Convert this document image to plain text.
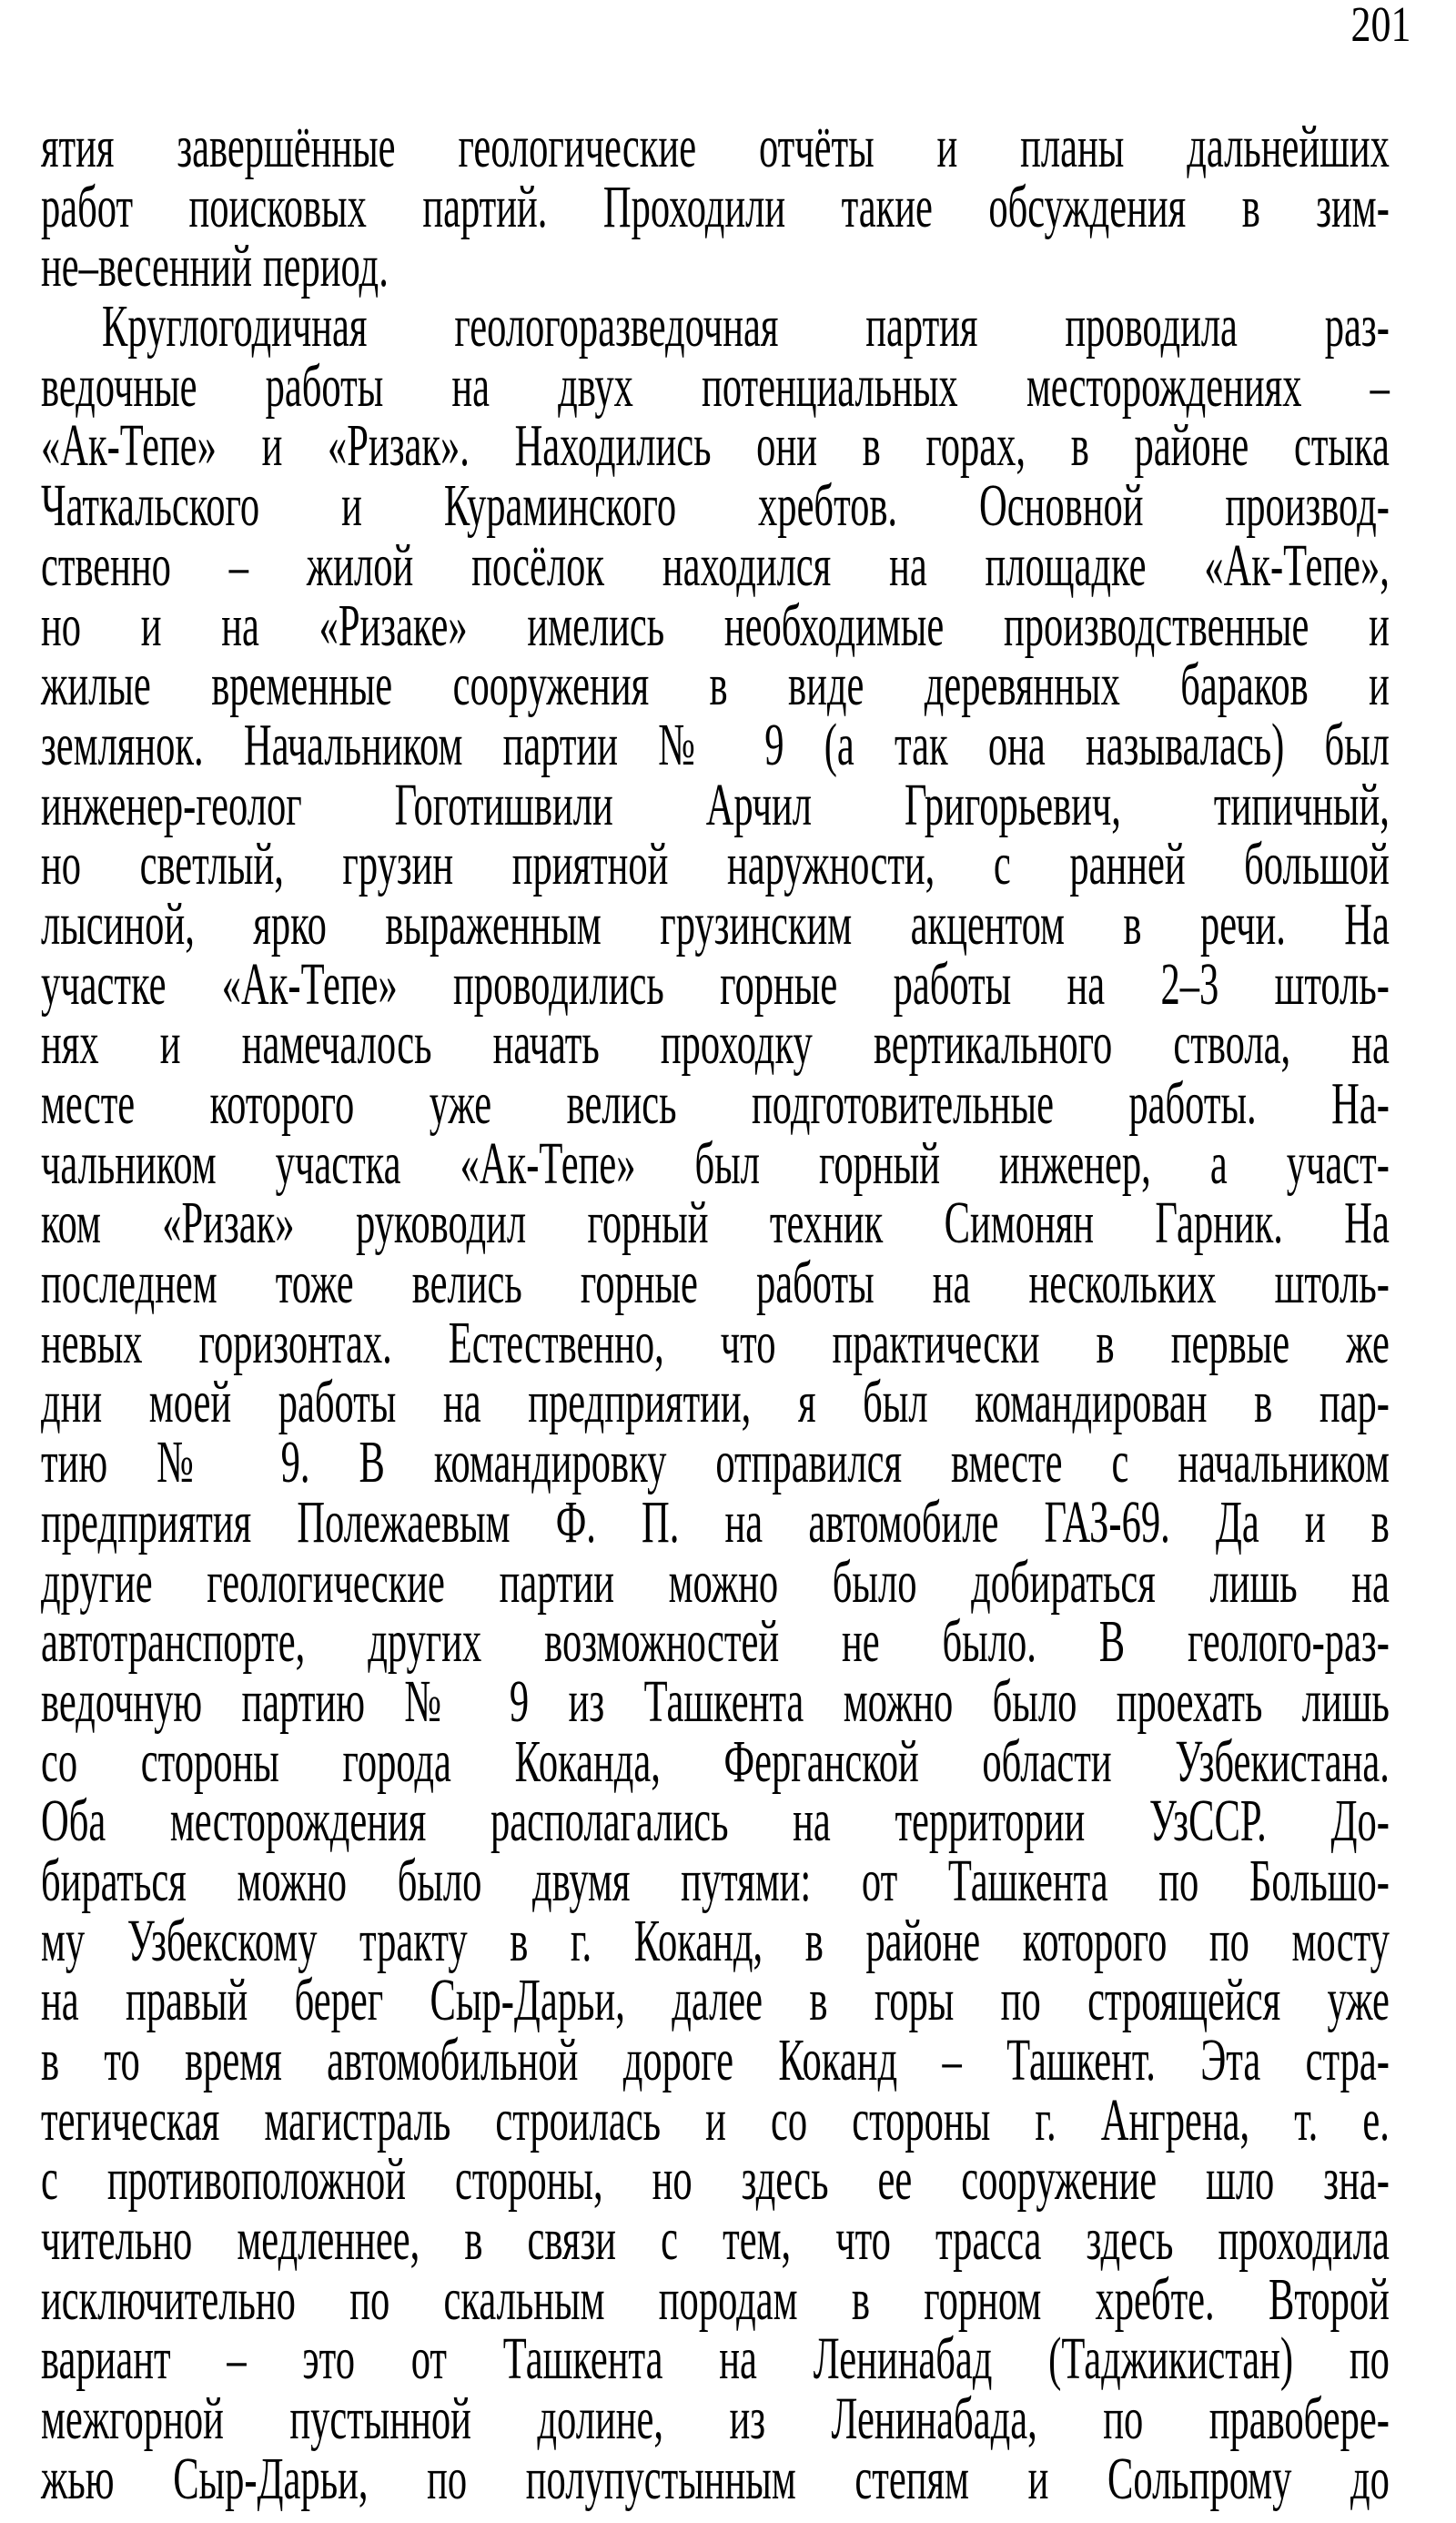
201
ятия завершённые геологические отчёты и планы дальнейших
работ поисковых партий. Проходили такие обсуждения в зим-
не–весенний период.
Круглогодичная геологоразведочная партия проводила раз-
ведочные работы на двух потенциальных месторождениях –
«Ак-Тепе» и «Ризак». Находились они в горах, в районе стыка
Чаткальского и Кураминского хребтов. Основной производ-
ственно – жилой посёлок находился на площадке «Ак-Тепе»,
но и на «Ризаке» имелись необходимые производственные и
жилые временные сооружения в виде деревянных бараков и
землянок. Начальником партии № 9 (а так она называлась) был
инженер-геолог Гоготишвили Арчил Григорьевич, типичный,
но светлый, грузин приятной наружности, с ранней большой
лысиной, ярко выраженным грузинским акцентом в речи. На
участке «Ак-Тепе» проводились горные работы на 2–3 штоль-
нях и намечалось начать проходку вертикального ствола, на
месте которого уже велись подготовительные работы. На-
чальником участка «Ак-Тепе» был горный инженер, а участ-
ком «Ризак» руководил горный техник Симонян Гарник. На
последнем тоже велись горные работы на нескольких штоль-
невых горизонтах. Естественно, что практически в первые же
дни моей работы на предприятии, я был командирован в пар-
тию № 9. В командировку отправился вместе с начальником
предприятия Полежаевым Ф. П. на автомобиле ГАЗ-69. Да и в
другие геологические партии можно было добираться лишь на
автотранспорте, других возможностей не было. В геолого-раз-
ведочную партию № 9 из Ташкента можно было проехать лишь
со стороны города Коканда, Ферганской области Узбекистана.
Оба месторождения располагались на территории УзССР. До-
бираться можно было двумя путями: от Ташкента по Большо-
му Узбекскому тракту в г. Коканд, в районе которого по мосту
на правый берег Сыр-Дарьи, далее в горы по строящейся уже
в то время автомобильной дороге Коканд – Ташкент. Эта стра-
тегическая магистраль строилась и со стороны г. Ангрена, т. е.
с противоположной стороны, но здесь ее сооружение шло зна-
чительно медленнее, в связи с тем, что трасса здесь проходила
исключительно по скальным породам в горном хребте. Второй
вариант – это от Ташкента на Ленинабад (Таджикистан) по
межгорной пустынной долине, из Ленинабада, по правобере-
жью Сыр-Дарьи, по полупустынным степям и Сольпрому до
